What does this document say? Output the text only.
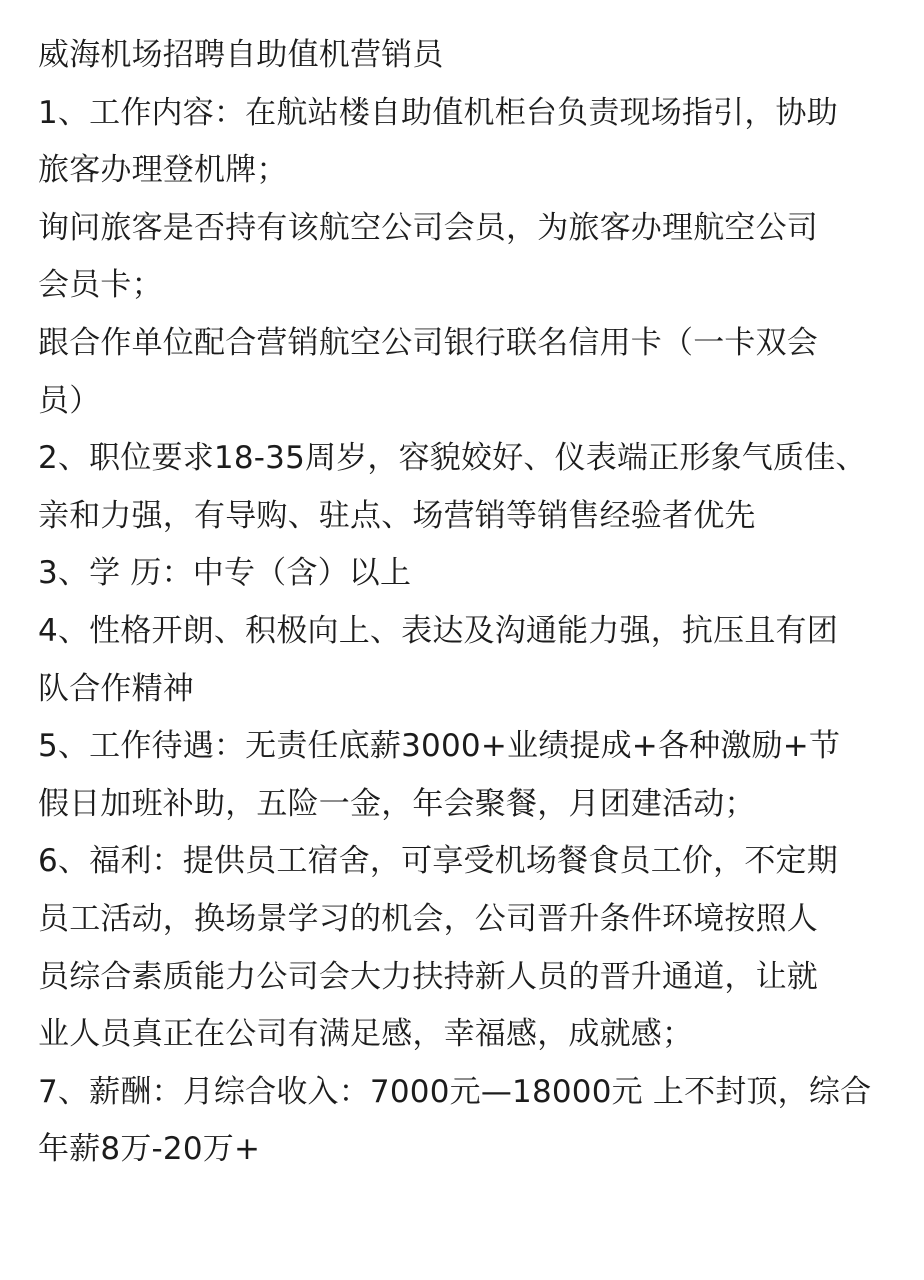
威海机场招聘自助值机营销员
1、工作内容：在航站楼自助值机柜台负责现场指引，协助
旅客办理登机牌；
询问旅客是否持有该航空公司会员，为旅客办理航空公司
会员卡；
跟合作单位配合营销航空公司银行联名信用卡（一卡双会
员）
2、职位要求18-35周岁，容貌姣好、仪表端正形象气质佳、
亲和力强，有导购、驻点、场营销等销售经验者优先
3、学 历：中专（含）以上
4、性格开朗、积极向上、表达及沟通能力强，抗压且有团
队合作精神
5、工作待遇：无责任底薪3000+业绩提成+各种激励+节
假日加班补助，五险一金，年会聚餐，月团建活动；
6、福利：提供员工宿舍，可享受机场餐食员工价，不定期
员工活动，换场景学习的机会，公司晋升条件环境按照人
员综合素质能力公司会大力扶持新人员的晋升通道，让就
业人员真正在公司有满足感，幸福感，成就感；
7、薪酬：月综合收入：7000元—18000元 上不封顶，综合
年薪8万-20万+
